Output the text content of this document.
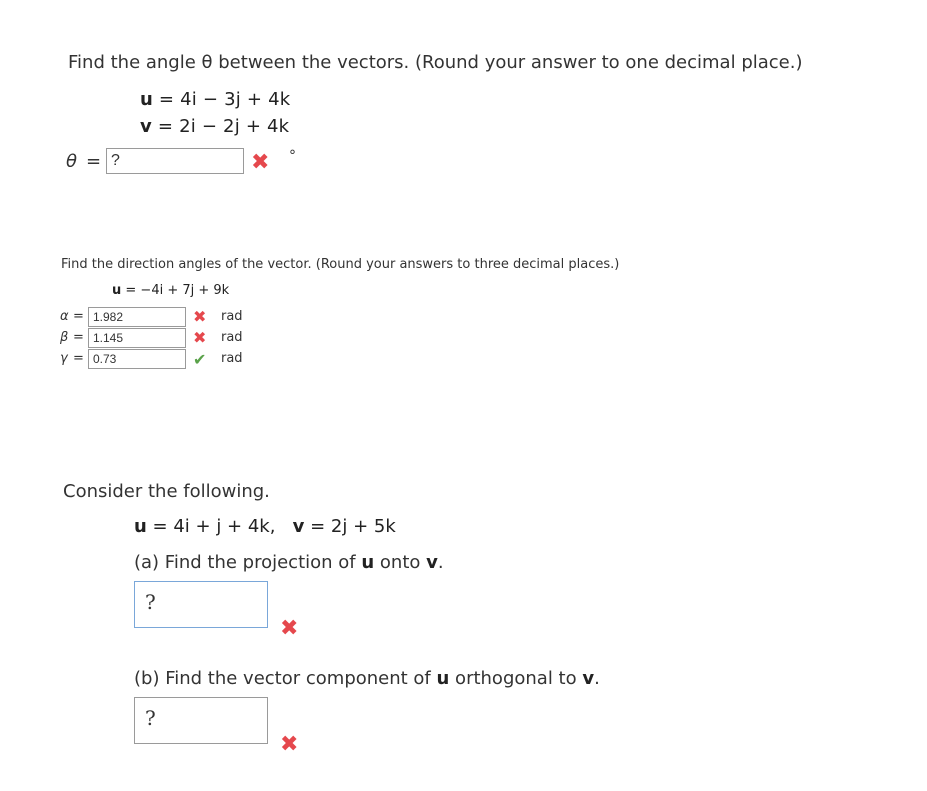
Find the angle θ between the vectors. (Round your answer to one decimal place.)
u = 4i − 3j + 4k
v = 2i − 2j + 4k
θ = ?	✖ °
Find the direction angles of the vector. (Round your answers to three decimal places.)
u = −4i + 7j + 9k
α = 1.982	✖ rad
β = 1.145	✖ rad
γ = 0.73	✔ rad
Consider the following.
u = 4i + j + 4k, v = 2j + 5k
(a) Find the projection of u onto v.
?
✖
(b) Find the vector component of u orthogonal to v.
?
✖
